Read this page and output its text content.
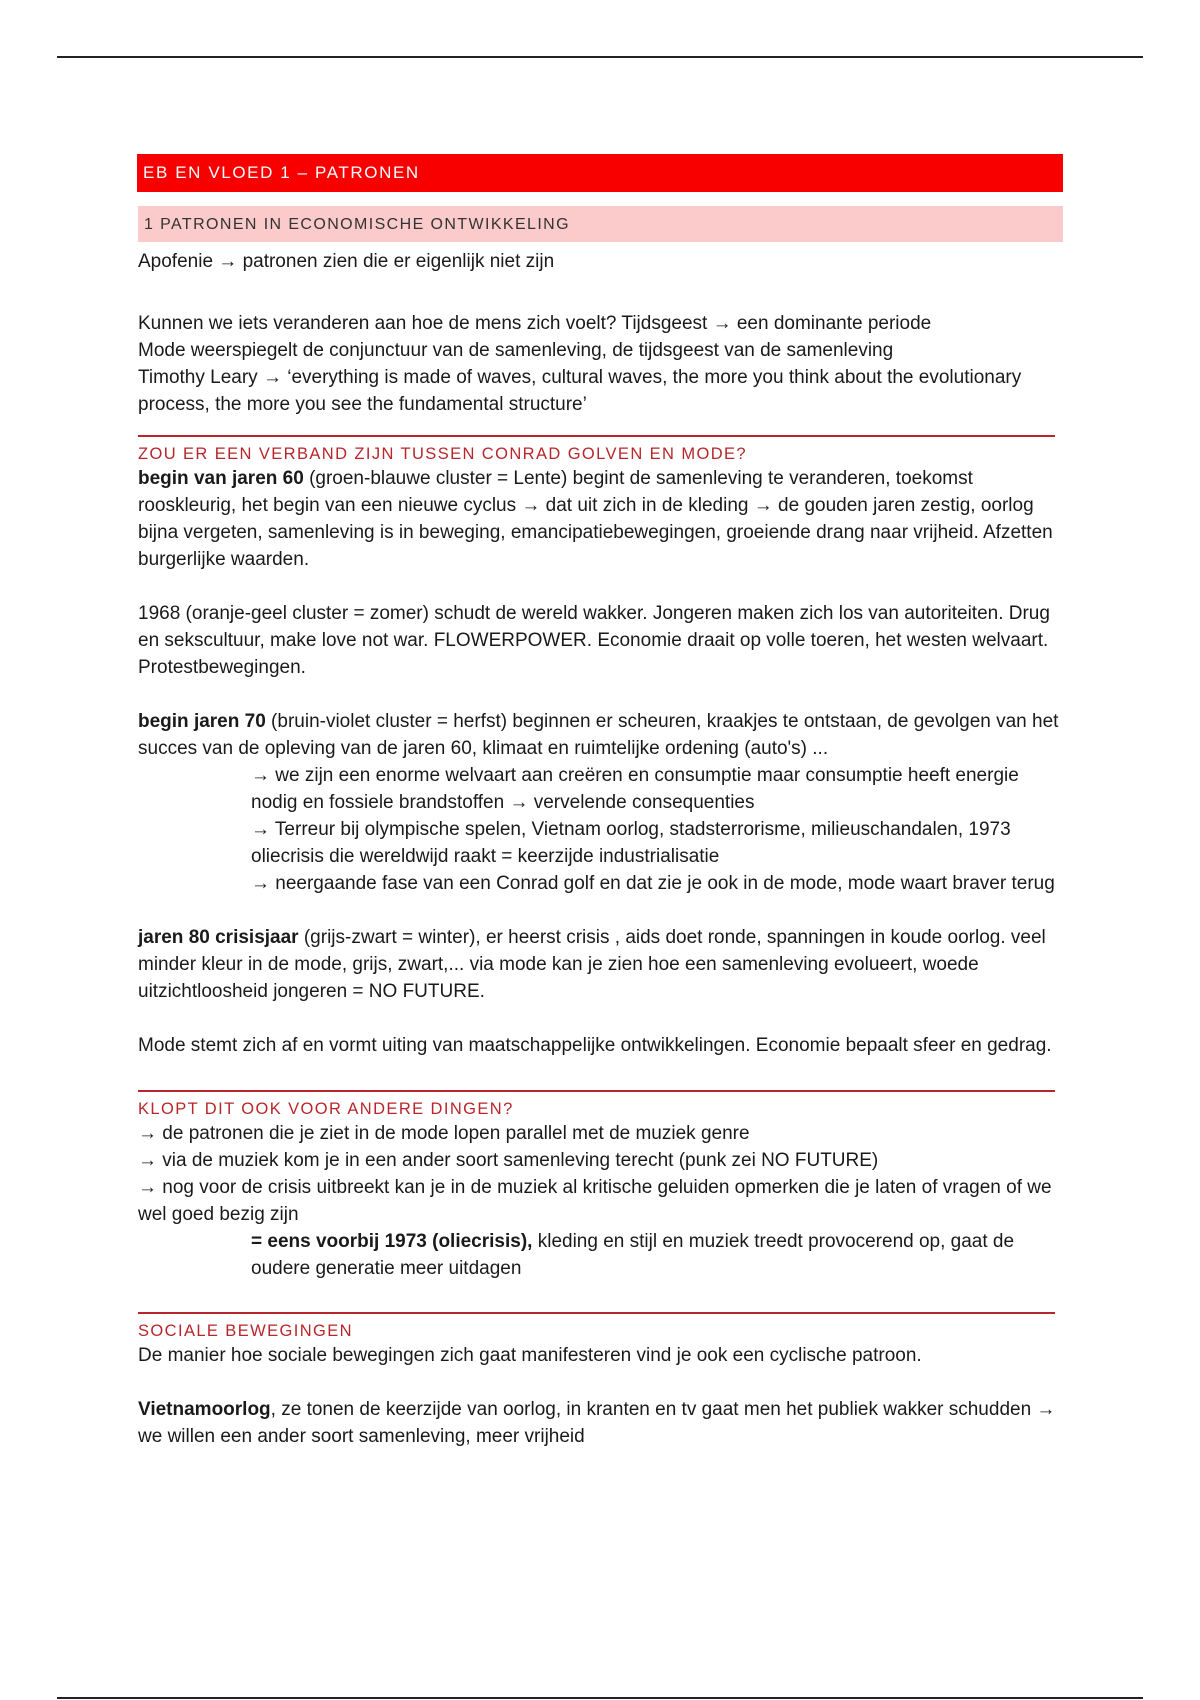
EB EN VLOED 1 – PATRONEN
1 PATRONEN IN ECONOMISCHE ONTWIKKELING

Apofenie → patronen zien die er eigenlijk niet zijn

Kunnen we iets veranderen aan hoe de mens zich voelt? Tijdsgeest → een dominante periode

Mode weerspiegelt de conjunctuur van de samenleving, de tijdsgeest van de samenleving

Timothy Leary → ‘everything is made of waves, cultural waves, the more you think about the evolutionary process, the more you see the fundamental structure’

ZOU ER EEN VERBAND ZIJN TUSSEN CONRAD GOLVEN EN MODE?

begin van jaren 60 (groen-blauwe cluster = Lente) begint de samenleving te veranderen, toekomst rooskleurig, het begin van een nieuwe cyclus → dat uit zich in de kleding → de gouden jaren zestig, oorlog bijna vergeten, samenleving is in beweging, emancipatiebewegingen, groeiende drang naar vrijheid. Afzetten burgerlijke waarden.

1968 (oranje-geel cluster = zomer) schudt de wereld wakker. Jongeren maken zich los van autoriteiten. Drug en sekscultuur, make love not war. FLOWERPOWER. Economie draait op volle toeren, het westen welvaart. Protestbewegingen.

begin jaren 70 (bruin-violet cluster = herfst) beginnen er scheuren, kraakjes te ontstaan, de gevolgen van het succes van de opleving van de jaren 60, klimaat en ruimtelijke ordening (auto's) ...

→ we zijn een enorme welvaart aan creëren en consumptie maar consumptie heeft energie nodig en fossiele brandstoffen → vervelende consequenties

→ Terreur bij olympische spelen, Vietnam oorlog, stadsterrorisme, milieuschandalen, 1973 oliecrisis die wereldwijd raakt = keerzijde industrialisatie

→ neergaande fase van een Conrad golf en dat zie je ook in de mode, mode waart braver terug

jaren 80 crisisjaar (grijs-zwart = winter), er heerst crisis , aids doet ronde, spanningen in koude oorlog. veel minder kleur in de mode, grijs, zwart,... via mode kan je zien hoe een samenleving evolueert, woede uitzichtloosheid jongeren = NO FUTURE.

Mode stemt zich af en vormt uiting van maatschappelijke ontwikkelingen. Economie bepaalt sfeer en gedrag.

KLOPT DIT OOK VOOR ANDERE DINGEN?

→ de patronen die je ziet in de mode lopen parallel met de muziek genre

→ via de muziek kom je in een ander soort samenleving terecht (punk zei NO FUTURE)

→ nog voor de crisis uitbreekt kan je in de muziek al kritische geluiden opmerken die je laten of vragen of we wel goed bezig zijn

= eens voorbij 1973 (oliecrisis), kleding en stijl en muziek treedt provocerend op, gaat de oudere generatie meer uitdagen

SOCIALE BEWEGINGEN

De manier hoe sociale bewegingen zich gaat manifesteren vind je ook een cyclische patroon.

Vietnamoorlog, ze tonen de keerzijde van oorlog, in kranten en tv gaat men het publiek wakker schudden → we willen een ander soort samenleving, meer vrijheid
